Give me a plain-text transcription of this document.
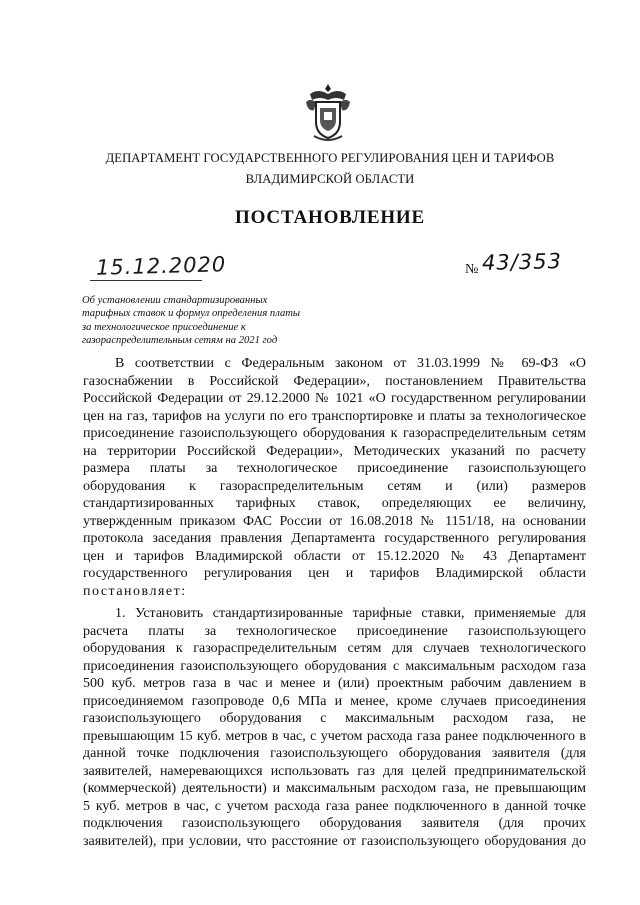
ДЕПАРТАМЕНТ ГОСУДАРСТВЕННОГО РЕГУЛИРОВАНИЯ ЦЕН И ТАРИФОВ
ВЛАДИМИРСКОЙ ОБЛАСТИ
ПОСТАНОВЛЕНИЕ
15.12.2020	№ 43/353
Об установлении стандартизированных
тарифных ставок и формул определения платы
за технологическое присоединение к
газораспределительным сетям на 2021 год
В соответствии с Федеральным законом от 31.03.1999 № 69-ФЗ «О
газоснабжении в Российской Федерации», постановлением Правительства
Российской Федерации от 29.12.2000 № 1021 «О государственном регулировании
цен на газ, тарифов на услуги по его транспортировке и платы за технологическое
присоединение газоиспользующего оборудования к газораспределительным сетям
на территории Российской Федерации», Методических указаний по расчету
размера платы за технологическое присоединение газоиспользующего
оборудования к газораспределительным сетям и (или) размеров
стандартизированных тарифных ставок, определяющих ее величину,
утвержденным приказом ФАС России от 16.08.2018 № 1151/18, на основании
протокола заседания правления Департамента государственного регулирования
цен и тарифов Владимирской области от 15.12.2020 № 43 Департамент
государственного регулирования цен и тарифов Владимирской области
постановляет:
1. Установить стандартизированные тарифные ставки, применяемые для
расчета платы за технологическое присоединение газоиспользующего
оборудования к газораспределительным сетям для случаев технологического
присоединения газоиспользующего оборудования с максимальным расходом газа
500 куб. метров газа в час и менее и (или) проектным рабочим давлением в
присоединяемом газопроводе 0,6 МПа и менее, кроме случаев присоединения
газоиспользующего оборудования с максимальным расходом газа, не
превышающим 15 куб. метров в час, с учетом расхода газа ранее подключенного в
данной точке подключения газоиспользующего оборудования заявителя (для
заявителей, намеревающихся использовать газ для целей предпринимательской
(коммерческой) деятельности) и максимальным расходом газа, не превышающим
5 куб. метров в час, с учетом расхода газа ранее подключенного в данной точке
подключения газоиспользующего оборудования заявителя (для прочих
заявителей), при условии, что расстояние от газоиспользующего оборудования до
